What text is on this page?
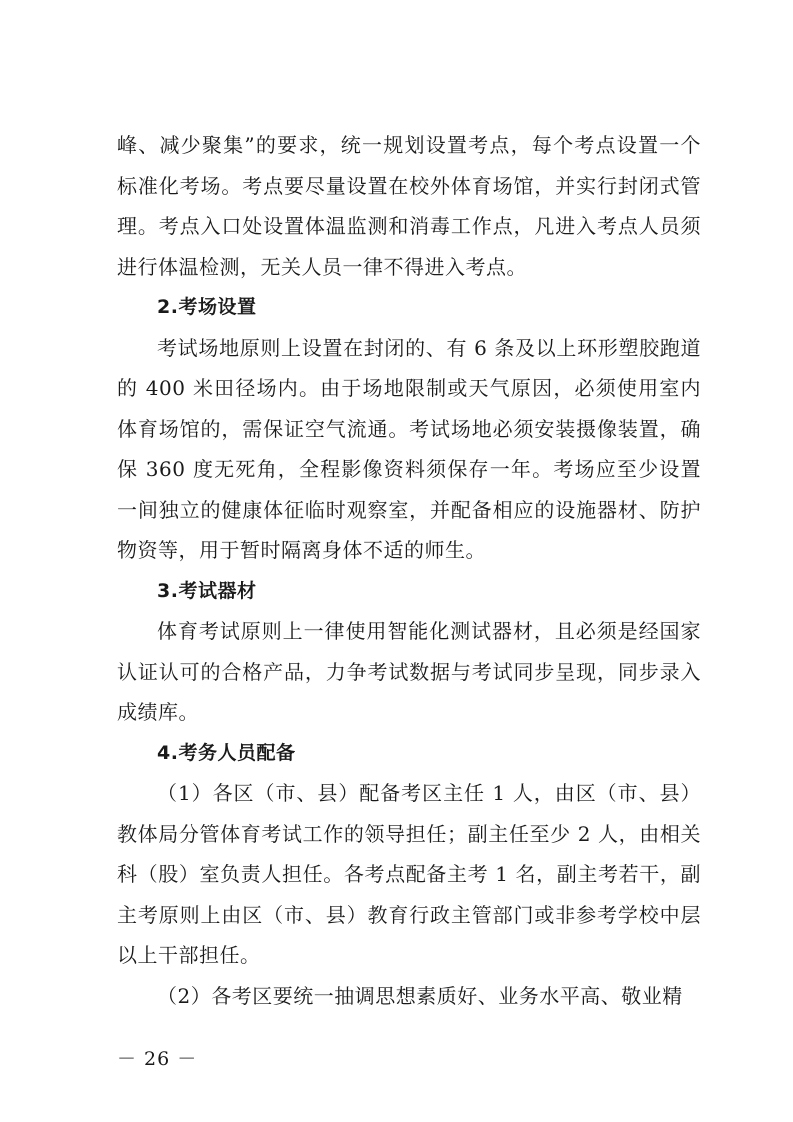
峰、减少聚集”的要求，统一规划设置考点，每个考点设置一个标准化考场。考点要尽量设置在校外体育场馆，并实行封闭式管理。考点入口处设置体温监测和消毒工作点，凡进入考点人员须进行体温检测，无关人员一律不得进入考点。

2.考场设置

考试场地原则上设置在封闭的、有 6 条及以上环形塑胶跑道的 400 米田径场内。由于场地限制或天气原因，必须使用室内体育场馆的，需保证空气流通。考试场地必须安装摄像装置，确保 360 度无死角，全程影像资料须保存一年。考场应至少设置一间独立的健康体征临时观察室，并配备相应的设施器材、防护物资等，用于暂时隔离身体不适的师生。

3.考试器材

体育考试原则上一律使用智能化测试器材，且必须是经国家认证认可的合格产品，力争考试数据与考试同步呈现，同步录入成绩库。

4.考务人员配备

（1）各区（市、县）配备考区主任 1 人，由区（市、县）教体局分管体育考试工作的领导担任；副主任至少 2 人，由相关科（股）室负责人担任。各考点配备主考 1 名，副主考若干，副主考原则上由区（市、县）教育行政主管部门或非参考学校中层以上干部担任。

（2）各考区要统一抽调思想素质好、业务水平高、敬业精

－ 26 －
